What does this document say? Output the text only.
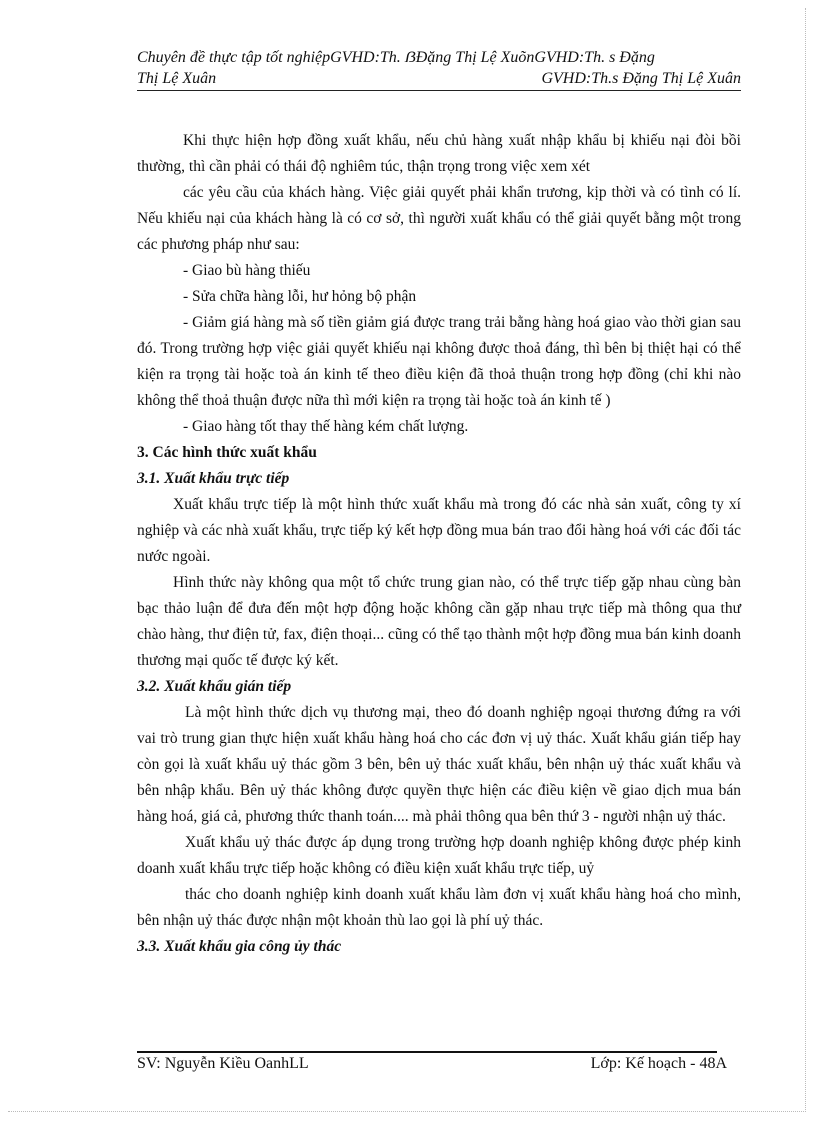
Chuyên đề thực tập tốt nghiệpGVHD:Th. ẞĐặng Thị Lệ XuõnGVHD:Th. s Đặng
Thị Lệ Xuân	GVHD:Th.s Đặng Thị Lệ Xuân

Khi thực hiện hợp đồng xuất khẩu, nếu chủ hàng xuất nhập khẩu bị khiếu nại đòi bồi thường, thì cần phải có thái độ nghiêm túc, thận trọng trong việc xem xét

các yêu cầu của khách hàng. Việc giải quyết phải khẩn trương, kịp thời và có tình có lí. Nếu khiếu nại của khách hàng là có cơ sở, thì người xuất khẩu có thể giải quyết bằng một trong các phương pháp như sau:

- Giao bù hàng thiếu

- Sửa chữa hàng lỗi, hư hỏng bộ phận

- Giảm giá hàng mà số tiền giảm giá được trang trải bằng hàng hoá giao vào thời gian sau đó. Trong trường hợp việc giải quyết khiếu nại không được thoả đáng, thì bên bị thiệt hại có thể kiện ra trọng tài hoặc toà án kinh tế theo điều kiện đã thoả thuận trong hợp đồng (chỉ khi nào không thể thoả thuận được nữa thì mới kiện ra trọng tài hoặc toà án kinh tế )

- Giao hàng tốt thay thế hàng kém chất lượng.

3. Các hình thức xuất khẩu

3.1. Xuất khẩu trực tiếp

Xuất khẩu trực tiếp là một hình thức xuất khẩu mà trong đó các nhà sản xuất, công ty xí nghiệp và các nhà xuất khẩu, trực tiếp ký kết hợp đồng mua bán trao đổi hàng hoá với các đối tác nước ngoài.

Hình thức này không qua một tổ chức trung gian nào, có thể trực tiếp gặp nhau cùng bàn bạc thảo luận để đưa đến một hợp động hoặc không cần gặp nhau trực tiếp mà thông qua thư chào hàng, thư điện tử, fax, điện thoại... cũng có thể tạo thành một hợp đồng mua bán kinh doanh thương mại quốc tế được ký kết.

3.2. Xuất khẩu gián tiếp

Là một hình thức dịch vụ thương mại, theo đó doanh nghiệp ngoại thương đứng ra với vai trò trung gian thực hiện xuất khẩu hàng hoá cho các đơn vị uỷ thác. Xuất khẩu gián tiếp hay còn gọi là xuất khẩu uỷ thác gồm 3 bên, bên uỷ thác xuất khẩu, bên nhận uỷ thác xuất khẩu và bên nhập khẩu. Bên uỷ thác không được quyền thực hiện các điều kiện về giao dịch mua bán hàng hoá, giá cả, phương thức thanh toán.... mà phải thông qua bên thứ 3 - người nhận uỷ thác.

Xuất khẩu uỷ thác được áp dụng trong trường hợp doanh nghiệp không được phép kinh doanh xuất khẩu trực tiếp hoặc không có điều kiện xuất khẩu trực tiếp, uỷ

thác cho doanh nghiệp kinh doanh xuất khẩu làm đơn vị xuất khẩu hàng hoá cho mình, bên nhận uỷ thác được nhận một khoản thù lao gọi là phí uỷ thác.

3.3. Xuất khẩu gia công ủy thác

SV: Nguyễn Kiều OanhLL	Lớp: Kế hoạch - 48A
